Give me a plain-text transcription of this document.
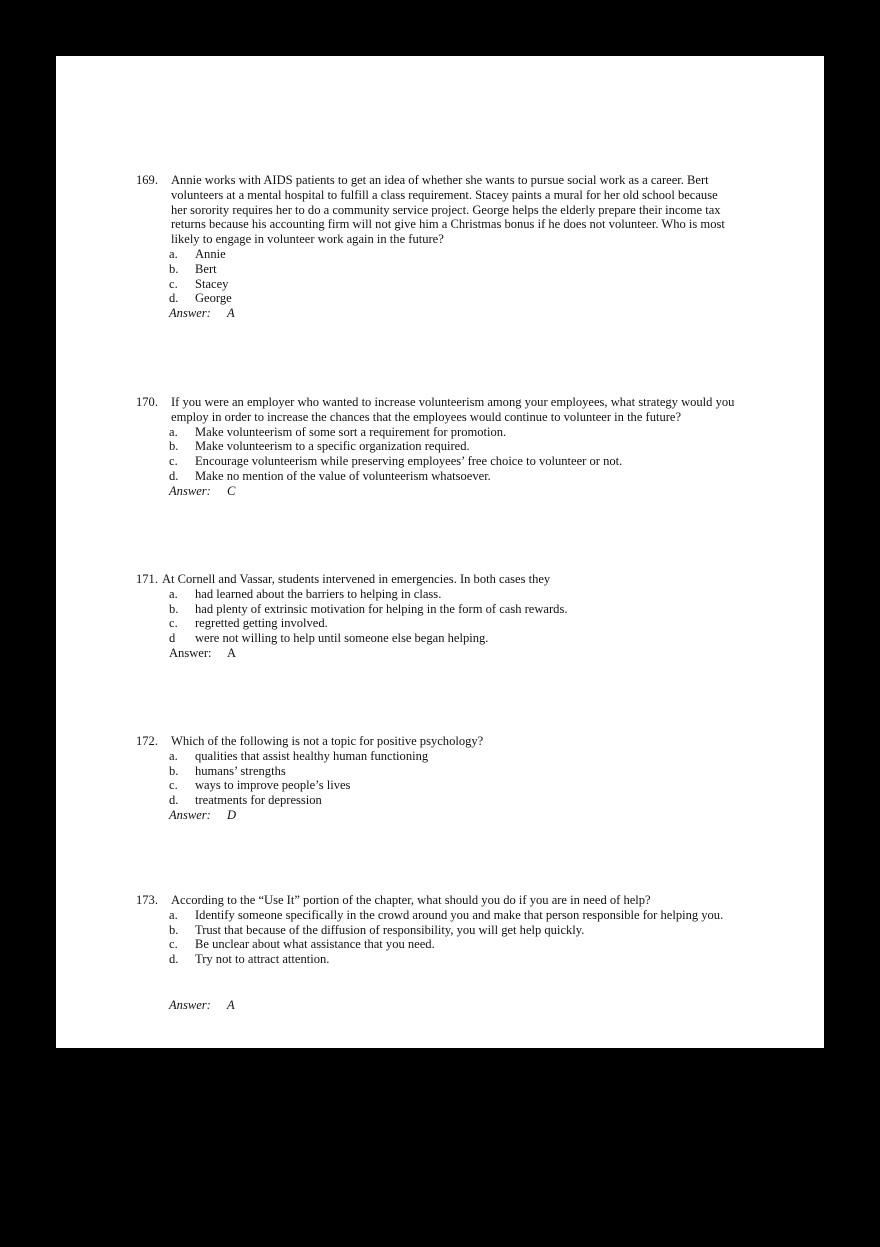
169.	Annie works with AIDS patients to get an idea of whether she wants to pursue social work as a career. Bert volunteers at a mental hospital to fulfill a class requirement. Stacey paints a mural for her old school because her sorority requires her to do a community service project. George helps the elderly prepare their income tax returns because his accounting firm will not give him a Christmas bonus if he does not volunteer. Who is most likely to engage in volunteer work again in the future?
a.	Annie
b.	Bert
c.	Stacey
d.	George
Answer: A
170.	If you were an employer who wanted to increase volunteerism among your employees, what strategy would you employ in order to increase the chances that the employees would continue to volunteer in the future?
a.	Make volunteerism of some sort a requirement for promotion.
b.	Make volunteerism to a specific organization required.
c.	Encourage volunteerism while preserving employees’ free choice to volunteer or not.
d.	Make no mention of the value of volunteerism whatsoever.
Answer: C
171. At Cornell and Vassar, students intervened in emergencies. In both cases they
a.	had learned about the barriers to helping in class.
b.	had plenty of extrinsic motivation for helping in the form of cash rewards.
c.	regretted getting involved.
d	were not willing to help until someone else began helping.
Answer: A
172.	Which of the following is not a topic for positive psychology?
a.	qualities that assist healthy human functioning
b.	humans’ strengths
c.	ways to improve people’s lives
d.	treatments for depression
Answer: D
173.	According to the “Use It” portion of the chapter, what should you do if you are in need of help?
a.	Identify someone specifically in the crowd around you and make that person responsible for helping you.
b.	Trust that because of the diffusion of responsibility, you will get help quickly.
c.	Be unclear about what assistance that you need.
d.	Try not to attract attention.
Answer: A
